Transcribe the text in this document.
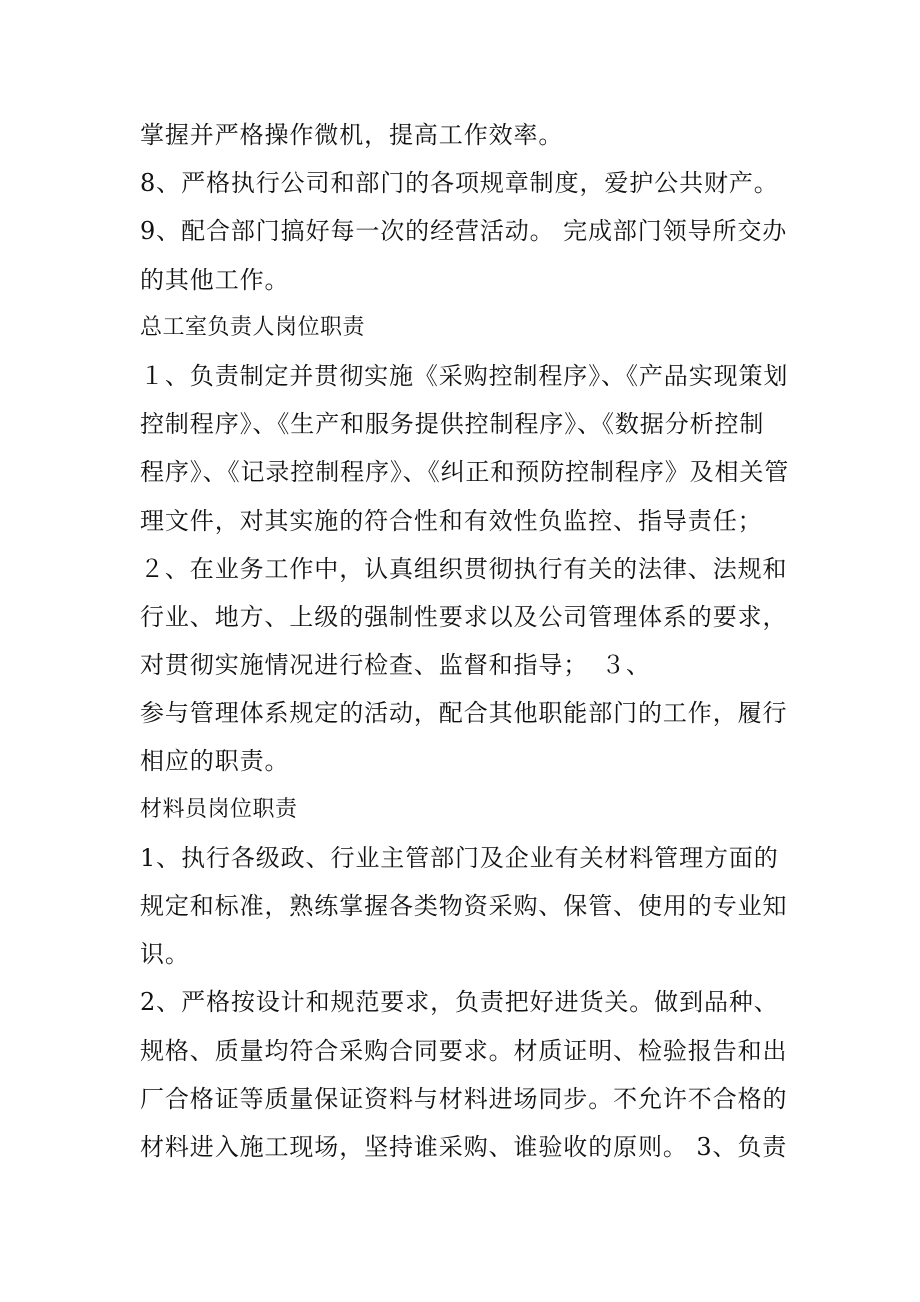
掌握并严格操作微机，提高工作效率。
8、严格执行公司和部门的各项规章制度，爱护公共财产。
9、配合部门搞好每一次的经营活动。 完成部门领导所交办
的其他工作。
总工室负责人岗位职责
１、负责制定并贯彻实施《采购控制程序》、《产品实现策划
控制程序》、《生产和服务提供控制程序》、《数据分析控制
程序》、《记录控制程序》、《纠正和预防控制程序》及相关管
理文件，对其实施的符合性和有效性负监控、指导责任；
２、在业务工作中，认真组织贯彻执行有关的法律、法规和
行业、地方、上级的强制性要求以及公司管理体系的要求，
对贯彻实施情况进行检查、监督和指导；　３、
参与管理体系规定的活动，配合其他职能部门的工作，履行
相应的职责。
材料员岗位职责
1、执行各级政、行业主管部门及企业有关材料管理方面的
规定和标准，熟练掌握各类物资采购、保管、使用的专业知
识。
2、严格按设计和规范要求，负责把好进货关。做到品种、
规格、质量均符合采购合同要求。材质证明、检验报告和出
厂合格证等质量保证资料与材料进场同步。不允许不合格的
材料进入施工现场，坚持谁采购、谁验收的原则。 3、负责
